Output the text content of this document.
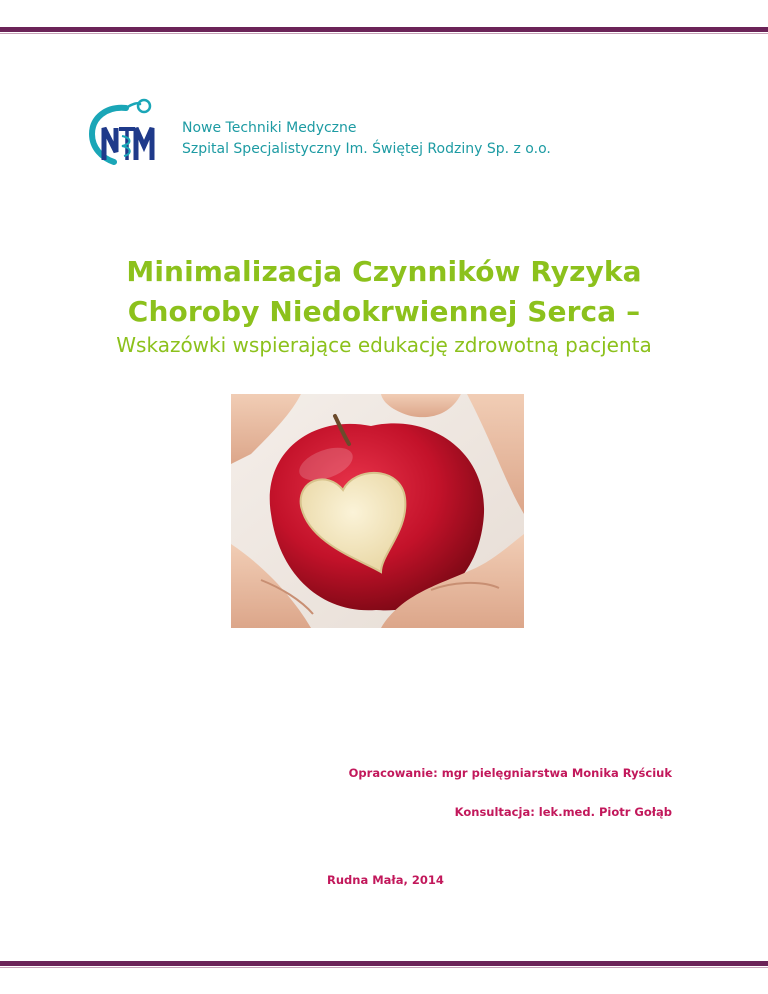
Nowe Techniki Medyczne
Szpital Specjalistyczny Im. Świętej Rodziny Sp. z o.o.
Minimalizacja Czynników Ryzyka
Choroby Niedokrwiennej Serca –
Wskazówki wspierające edukację zdrowotną pacjenta
Opracowanie: mgr pielęgniarstwa Monika Ryściuk
Konsultacja: lek.med. Piotr Gołąb
Rudna Mała, 2014
